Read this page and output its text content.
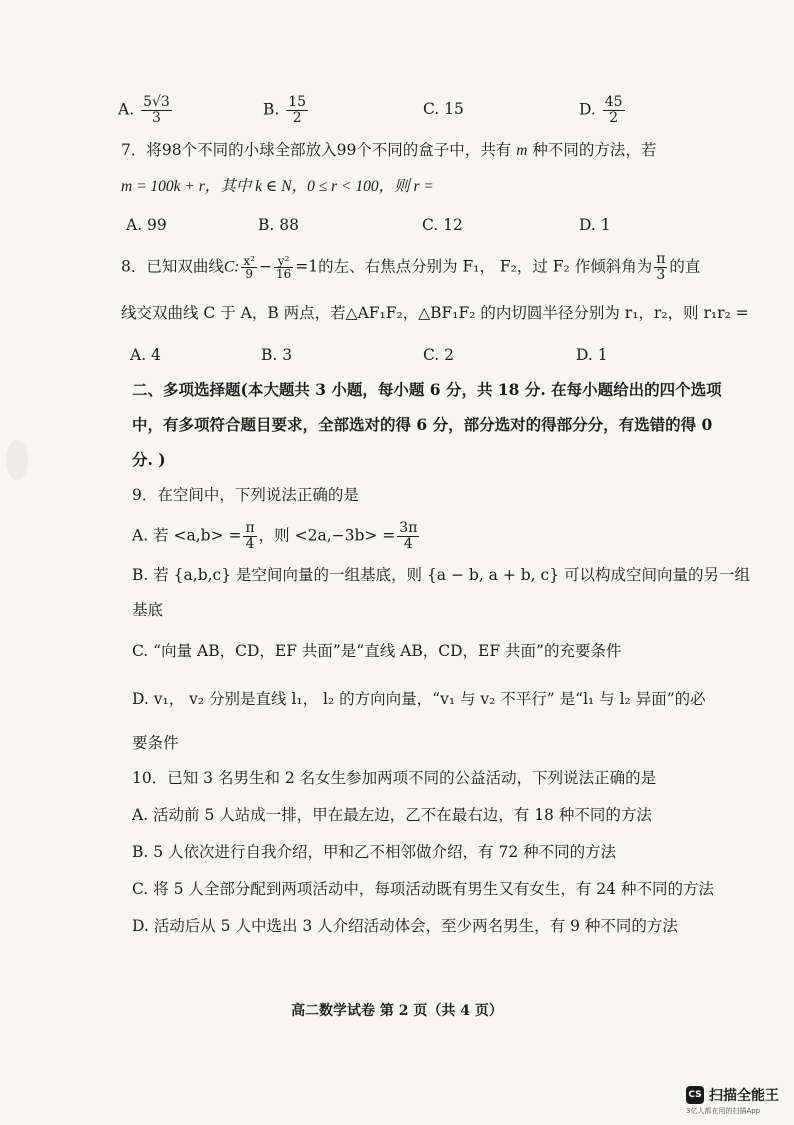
A. $\frac{5√3}{3}$	B. $\frac{15}{2}$	C. 15	D. $\frac{45}{2}$
7．将98个不同的小球全部放入99个不同的盒子中，共有 m 种不同的方法，若
m = 100k + r，其中 k ∈ N，0 ≤ r < 100，则 r =
A. 99	B. 88	C. 12	D. 1
8．已知双曲线C: $\frac{\text{x²}}{9} - \frac{\text{y²}}{16} =1$的左、右焦点分别为 F₁， F₂，过 F₂ 作倾斜角为 $\frac{\pi}{3}$ 的直
线交双曲线 C 于 A，B 两点，若△AF₁F₂，△BF₁F₂ 的内切圆半径分别为 r₁，r₂，则 r₁r₂ =
A. 4	B. 3	C. 2	D. 1
二、多项选择题(本大题共 3 小题，每小题 6 分，共 18 分. 在每小题给出的四个选项
中，有多项符合题目要求，全部选对的得 6 分，部分选对的得部分分，有选错的得 0
分. )
9．在空间中，下列说法正确的是
A. 若 $<a,b> = \frac{\pi}{4}$ ，则 $<2a,-3b> = \frac{3\pi}{4}$
B. 若 {a,b,c} 是空间向量的一组基底，则 {a − b, a + b, c} 可以构成空间向量的另一组
基底
C. “向量 AB，CD，EF 共面”是“直线 AB，CD，EF 共面”的充要条件
D. v₁， v₂ 分别是直线 l₁， l₂ 的方向向量，“v₁ 与 v₂ 不平行” 是“l₁ 与 l₂ 异面”的必
要条件
10．已知 3 名男生和 2 名女生参加两项不同的公益活动，下列说法正确的是
A. 活动前 5 人站成一排，甲在最左边，乙不在最右边，有 18 种不同的方法
B. 5 人依次进行自我介绍，甲和乙不相邻做介绍，有 72 种不同的方法
C. 将 5 人全部分配到两项活动中，每项活动既有男生又有女生，有 24 种不同的方法
D. 活动后从 5 人中选出 3 人介绍活动体会，至少两名男生，有 9 种不同的方法
高二数学试卷 第 2 页（共 4 页）
CS 扫描全能王
3亿人都在用的扫描App
